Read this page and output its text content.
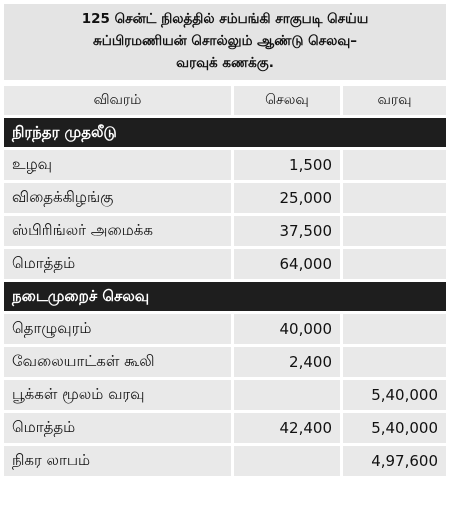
125 சென்ட் நிலத்தில் சம்பங்கி சாகுபடி செய்ய
சுப்பிரமணியன் சொல்லும் ஆண்டு செலவு–
வரவுக் கணக்கு.
விவரம்	செலவு	வரவு
நிரந்தர முதலீடு		
உழவு	1,500	
விதைக்கிழங்கு	25,000	
ஸ்பிரிங்லர் அமைக்க	37,500	
மொத்தம்	64,000	
நடைமுறைச் செலவு		
தொழுவுரம்	40,000	
வேலையாட்கள் கூலி	2,400	
பூக்கள் மூலம் வரவு		5,40,000
மொத்தம்	42,400	5,40,000
நிகர லாபம்		4,97,600
